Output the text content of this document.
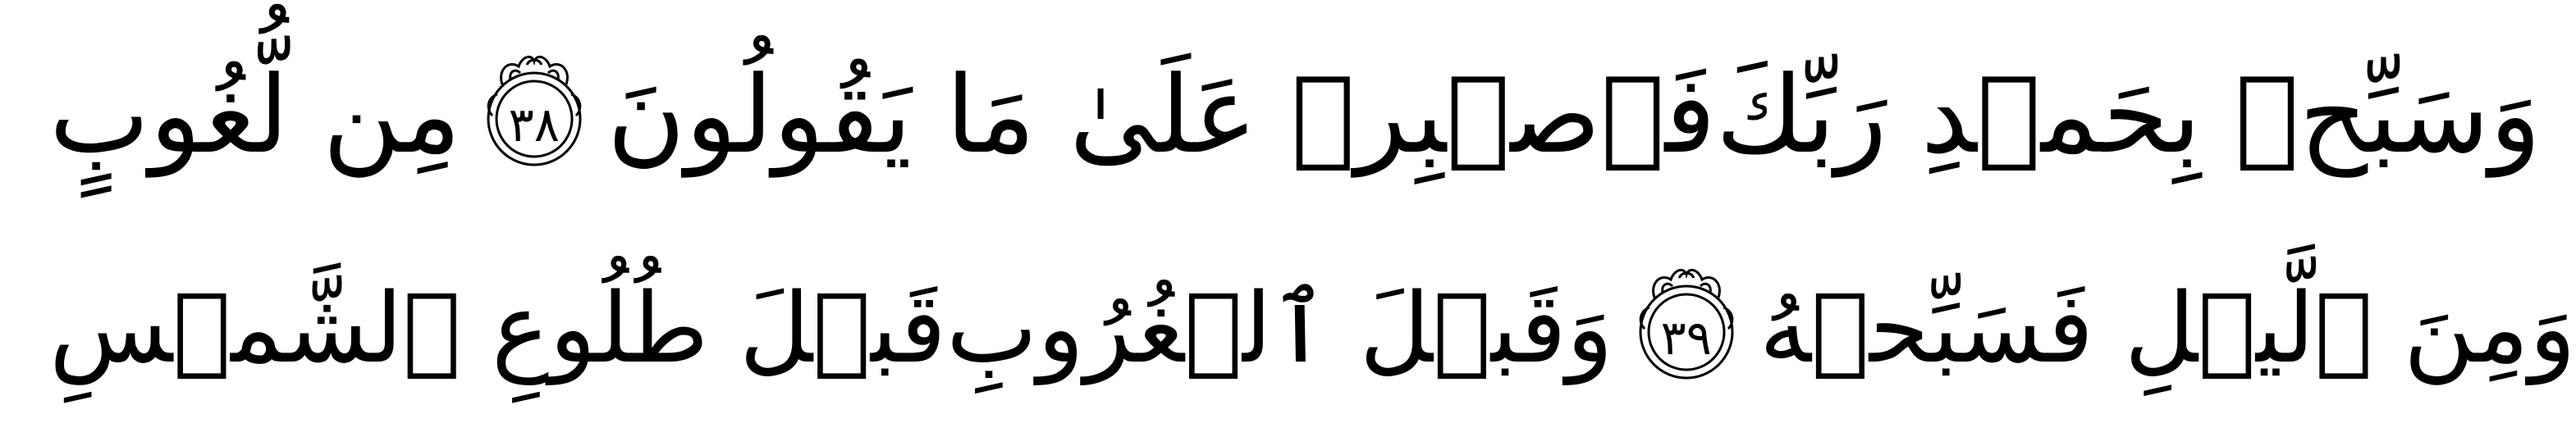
مِن لُّغُوبٍ ٣٨ فَٱصۡبِرۡ عَلَىٰ مَا يَقُولُونَ وَسَبِّحۡ بِحَمۡدِ رَبِّكَ
قَبۡلَ طُلُوعِ ٱلشَّمۡسِ وَقَبۡلَ ٱلۡغُرُوبِ ٣٩ وَمِنَ ٱلَّيۡلِ فَسَبِّحۡهُ
